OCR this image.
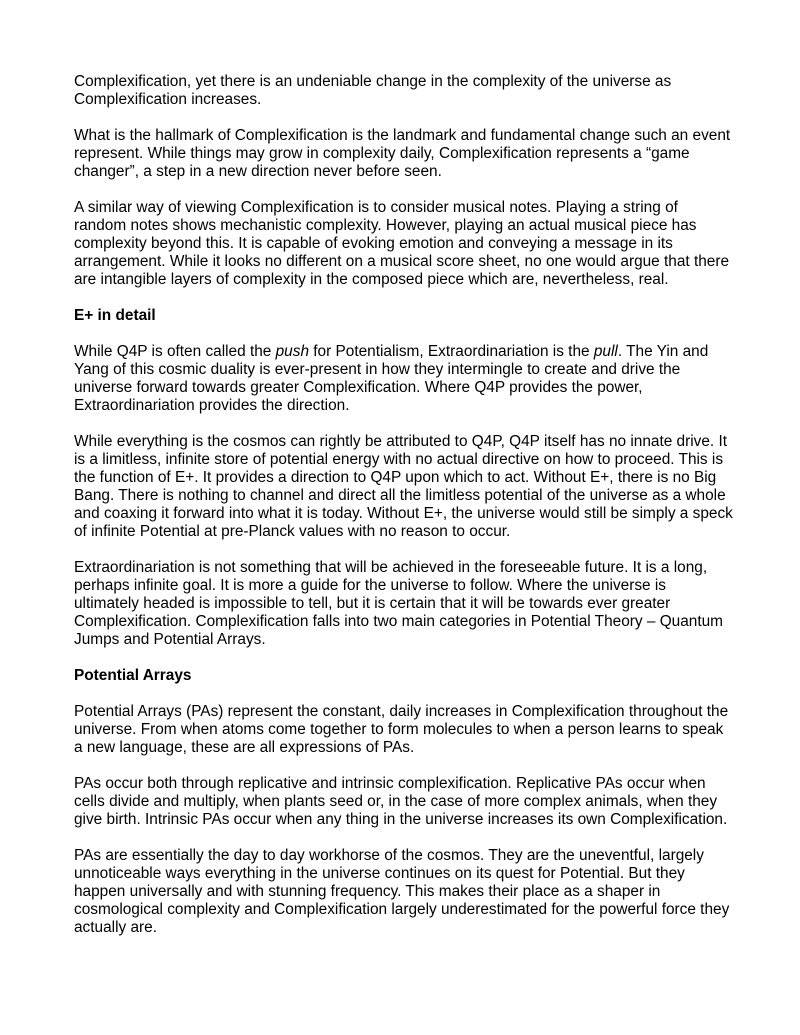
Complexification, yet there is an undeniable change in the complexity of the universe as Complexification increases.

What is the hallmark of Complexification is the landmark and fundamental change such an event represent. While things may grow in complexity daily, Complexification represents a “game changer”, a step in a new direction never before seen.

A similar way of viewing Complexification is to consider musical notes. Playing a string of random notes shows mechanistic complexity. However, playing an actual musical piece has complexity beyond this. It is capable of evoking emotion and conveying a message in its arrangement. While it looks no different on a musical score sheet, no one would argue that there are intangible layers of complexity in the composed piece which are, nevertheless, real.

E+ in detail

While Q4P is often called the push for Potentialism, Extraordinariation is the pull. The Yin and Yang of this cosmic duality is ever-present in how they intermingle to create and drive the universe forward towards greater Complexification. Where Q4P provides the power, Extraordinariation provides the direction.

While everything is the cosmos can rightly be attributed to Q4P, Q4P itself has no innate drive. It is a limitless, infinite store of potential energy with no actual directive on how to proceed. This is the function of E+. It provides a direction to Q4P upon which to act. Without E+, there is no Big Bang. There is nothing to channel and direct all the limitless potential of the universe as a whole and coaxing it forward into what it is today. Without E+, the universe would still be simply a speck of infinite Potential at pre-Planck values with no reason to occur.

Extraordinariation is not something that will be achieved in the foreseeable future. It is a long, perhaps infinite goal. It is more a guide for the universe to follow. Where the universe is ultimately headed is impossible to tell, but it is certain that it will be towards ever greater Complexification. Complexification falls into two main categories in Potential Theory – Quantum Jumps and Potential Arrays.

Potential Arrays

Potential Arrays (PAs) represent the constant, daily increases in Complexification throughout the universe. From when atoms come together to form molecules to when a person learns to speak a new language, these are all expressions of PAs.

PAs occur both through replicative and intrinsic complexification. Replicative PAs occur when cells divide and multiply, when plants seed or, in the case of more complex animals, when they give birth. Intrinsic PAs occur when any thing in the universe increases its own Complexification.

PAs are essentially the day to day workhorse of the cosmos. They are the uneventful, largely unnoticeable ways everything in the universe continues on its quest for Potential. But they happen universally and with stunning frequency. This makes their place as a shaper in cosmological complexity and Complexification largely underestimated for the powerful force they actually are.
